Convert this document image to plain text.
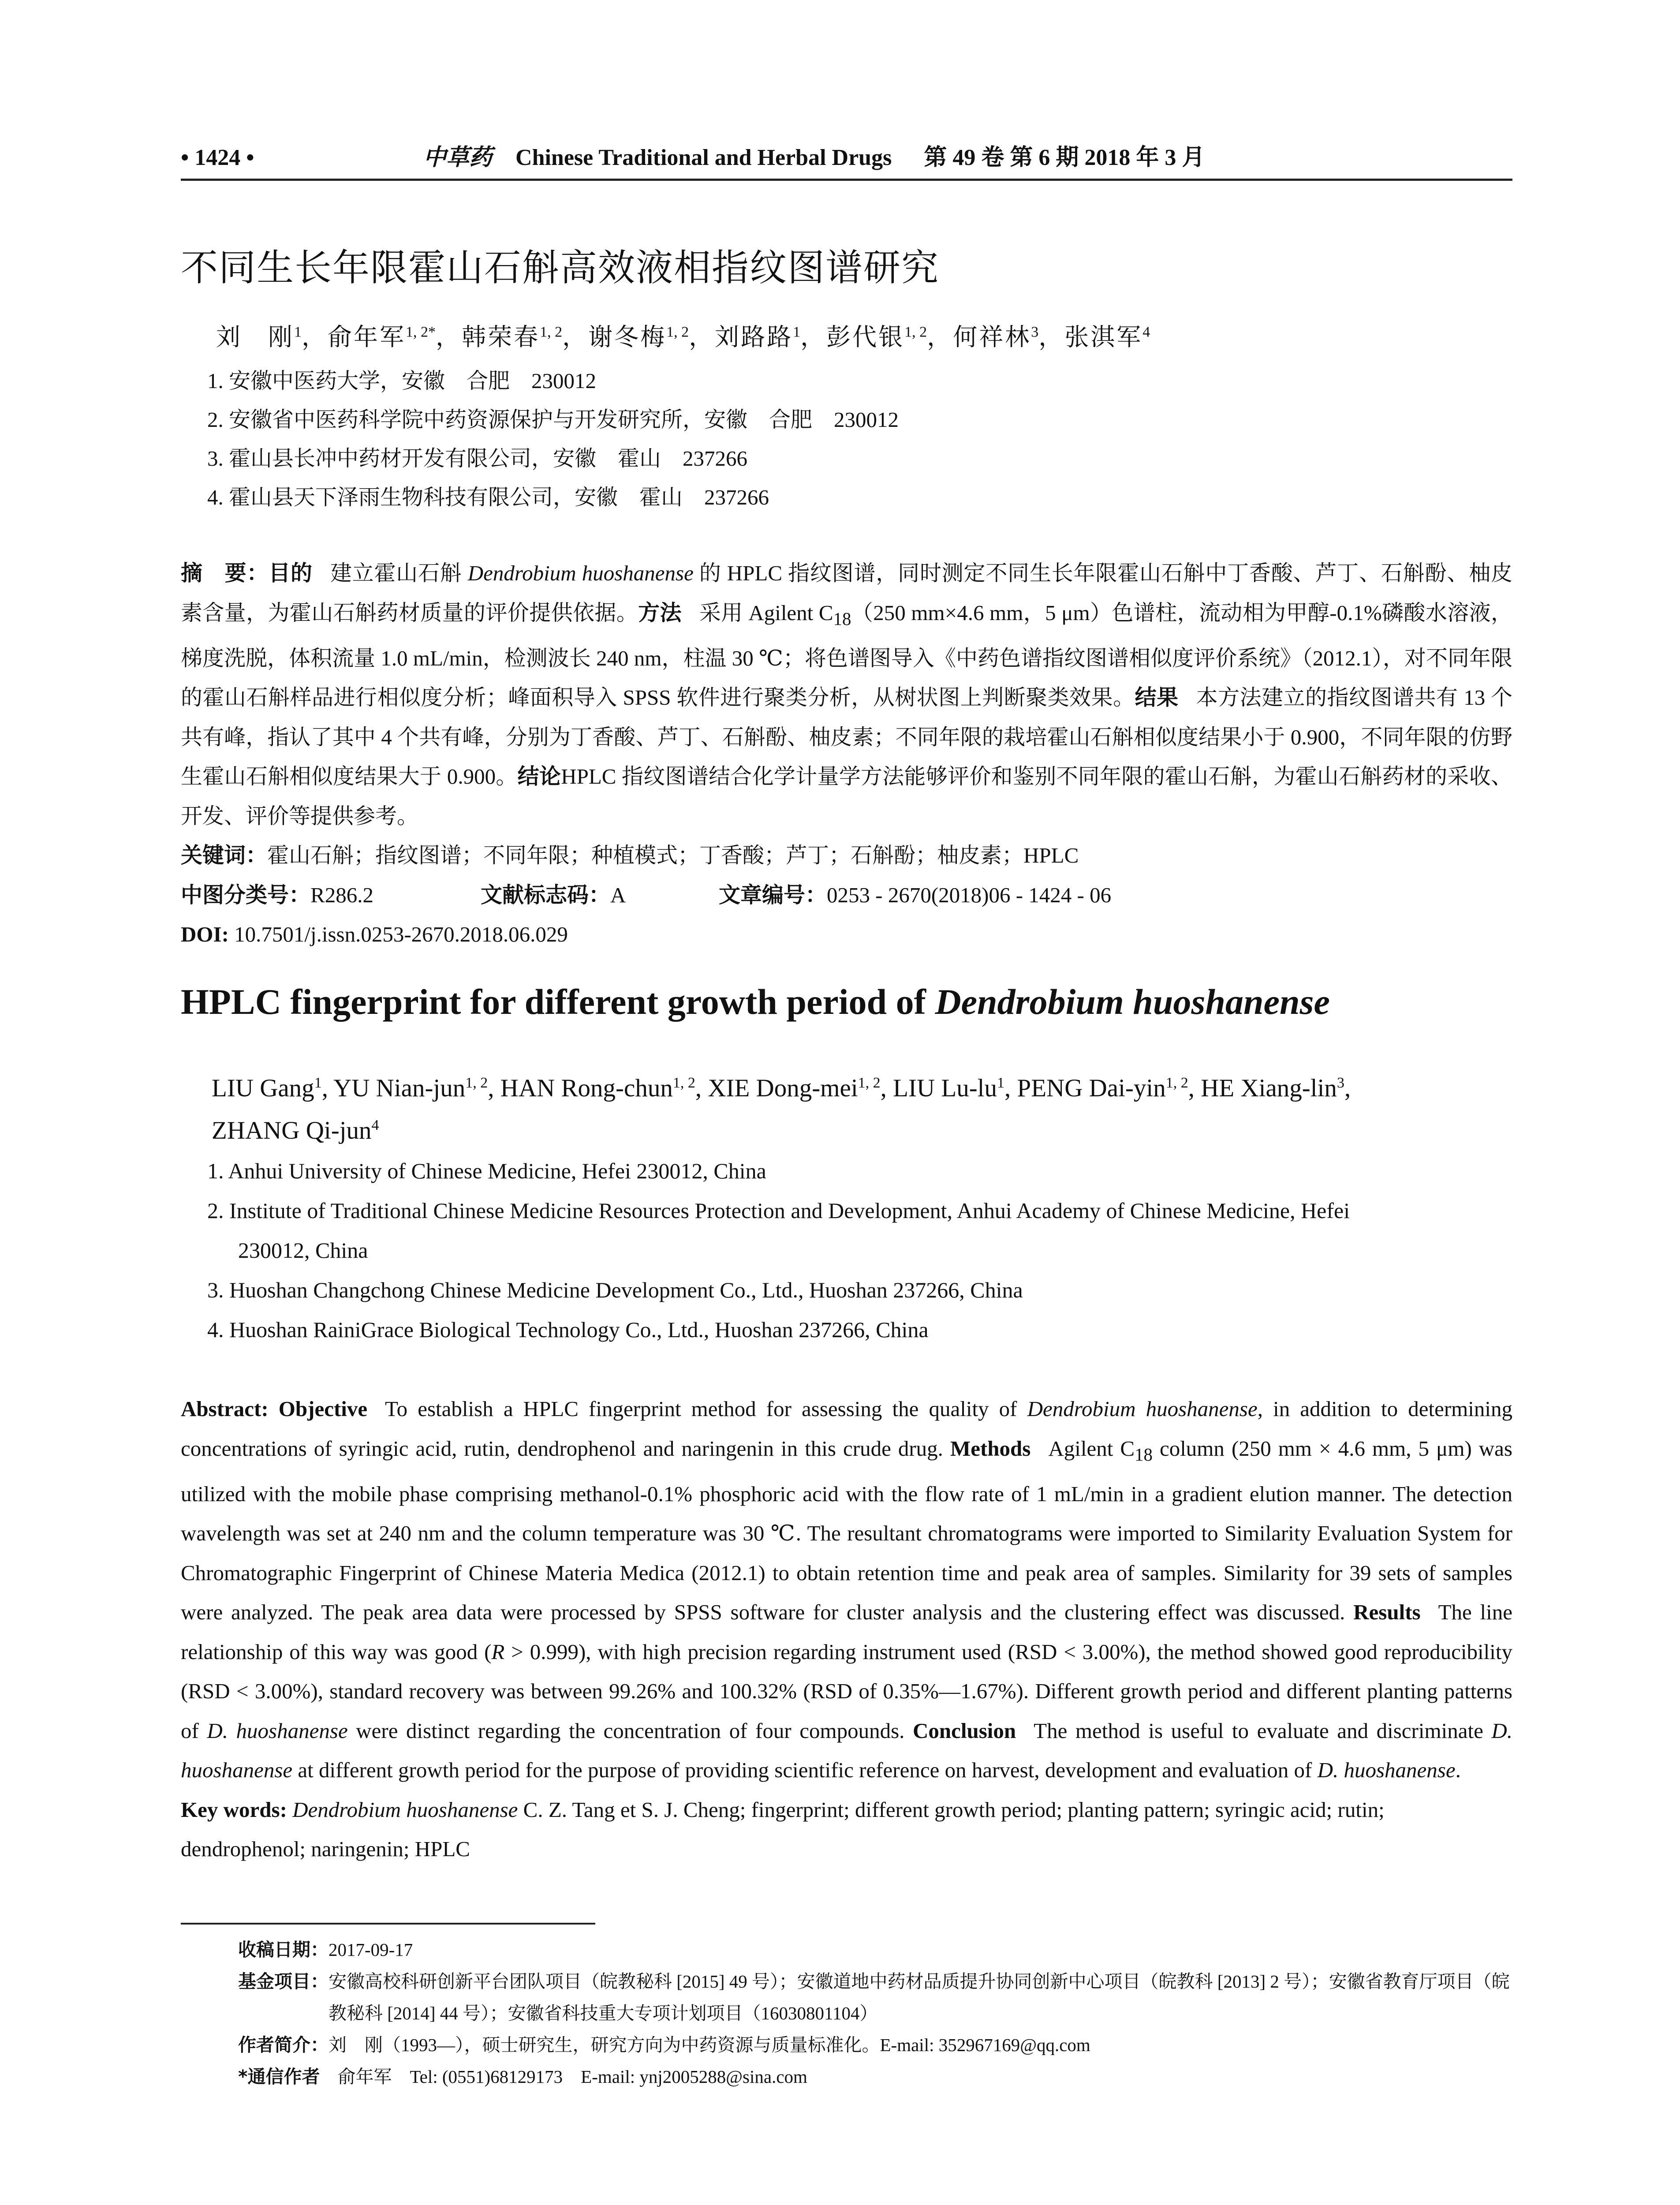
• 1424 •	中草药 Chinese Traditional and Herbal Drugs 第 49 卷 第 6 期 2018 年 3 月
不同生长年限霍山石斛高效液相指纹图谱研究
刘　刚$^1$，俞年军$^{1, 2*}$，韩荣春$^{1, 2}$，谢冬梅$^{1, 2}$，刘路路$^1$，彭代银$^{1, 2}$，何祥林$^3$，张淇军$^4$
1. 安徽中医药大学，安徽　合肥　230012
2. 安徽省中医药科学院中药资源保护与开发研究所，安徽　合肥　230012
3. 霍山县长冲中药材开发有限公司，安徽　霍山　237266
4. 霍山县天下泽雨生物科技有限公司，安徽　霍山　237266

摘　要：目的 建立霍山石斛 Dendrobium huoshanense 的 HPLC 指纹图谱，同时测定不同生长年限霍山石斛中丁香酸、芦丁、石斛酚、柚皮素含量，为霍山石斛药材质量的评价提供依据。方法 采用 Agilent $C_{18}(250$ mm×4.6 mm，5 μm）色谱柱，流动相为甲醇-0.1%磷酸水溶液，梯度洗脱，体积流量 1.0 mL/min，检测波长 240 nm，柱温 30 ℃；将色谱图导入《中药色谱指纹图谱相似度评价系统》（2012.1），对不同年限的霍山石斛样品进行相似度分析；峰面积导入 SPSS 软件进行聚类分析，从树状图上判断聚类效果。结果 本方法建立的指纹图谱共有 13 个共有峰，指认了其中 4 个共有峰，分别为丁香酸、芦丁、石斛酚、柚皮素；不同年限的栽培霍山石斛相似度结果小于 0.900，不同年限的仿野生霍山石斛相似度结果大于 0.900。结论HPLC 指纹图谱结合化学计量学方法能够评价和鉴别不同年限的霍山石斛，为霍山石斛药材的采收、开发、评价等提供参考。

关键词：霍山石斛；指纹图谱；不同年限；种植模式；丁香酸；芦丁；石斛酚；柚皮素；HPLC

中图分类号：R286.2	文献标志码：A	文章编号：0253 - 2670(2018)06 - 1424 - 06

DOI: 10.7501/j.issn.0253-2670.2018.06.029

HPLC fingerprint for different growth period of Dendrobium huoshanense
LIU Gang$^1$, YU Nian-jun$^{1, 2}$, HAN Rong-chun$^{1, 2}$, XIE Dong-mei$^{1, 2}$, LIU $Lu-lu^1$, PENG Dai-yin$^{1, 2}$, HE Xiang-lin$^3$,
ZHANG Qi-jun$^4$
1. Anhui University of Chinese Medicine, Hefei 230012, China
2. Institute of Traditional Chinese Medicine Resources Protection and Development, Anhui Academy of Chinese Medicine, Hefei
230012, China
3. Huoshan Changchong Chinese Medicine Development Co., Ltd., Huoshan 237266, China
4. Huoshan RainiGrace Biological Technology Co., Ltd., Huoshan 237266, China

Abstract: Objective To establish a HPLC fingerprint method for assessing the quality of Dendrobium huoshanense, in addition to determining concentrations of syringic acid, rutin, dendrophenol and naringenin in this crude drug. Methods Agilent $C_{18}$ column (250 mm × 4.6 mm, 5 μm) was utilized with the mobile phase comprising methanol-0.1% phosphoric acid with the flow rate of 1 mL/min in a gradient elution manner. The detection wavelength was set at 240 nm and the column temperature was 30 ℃. The resultant chromatograms were imported to Similarity Evaluation System for Chromatographic Fingerprint of Chinese Materia Medica (2012.1) to obtain retention time and peak area of samples. Similarity for 39 sets of samples were analyzed. The peak area data were processed by SPSS software for cluster analysis and the clustering effect was discussed. Results The line relationship of this way was good (R > 0.999), with high precision regarding instrument used (RSD < 3.00%), the method showed good reproducibility (RSD < 3.00%), standard recovery was between 99.26% and 100.32% (RSD of 0.35%—1.67%). Different growth period and different planting patterns of D. huoshanense were distinct regarding the concentration of four compounds. Conclusion The method is useful to evaluate and discriminate D. huoshanense at different growth period for the purpose of providing scientific reference on harvest, development and evaluation of D. huoshanense.

Key words: Dendrobium huoshanense C. Z. Tang et S. J. Cheng; fingerprint; different growth period; planting pattern; syringic acid; rutin; dendrophenol; naringenin; HPLC

收稿日期： 2017-09-17
基金项目： 安徽高校科研创新平台团队项目（皖教秘科 [2015] 49 号）；安徽道地中药材品质提升协同创新中心项目（皖教科 [2013] 2 号）；安徽省教育厅项目（皖教秘科 [2014] 44 号）；安徽省科技重大专项计划项目（16030801104）
作者简介： 刘　刚（1993—），硕士研究生，研究方向为中药资源与质量标准化。E-mail: 352967169@qq.com
*通信作者 俞年军　Tel: (0551)68129173　E-mail: ynj2005288@sina.com
